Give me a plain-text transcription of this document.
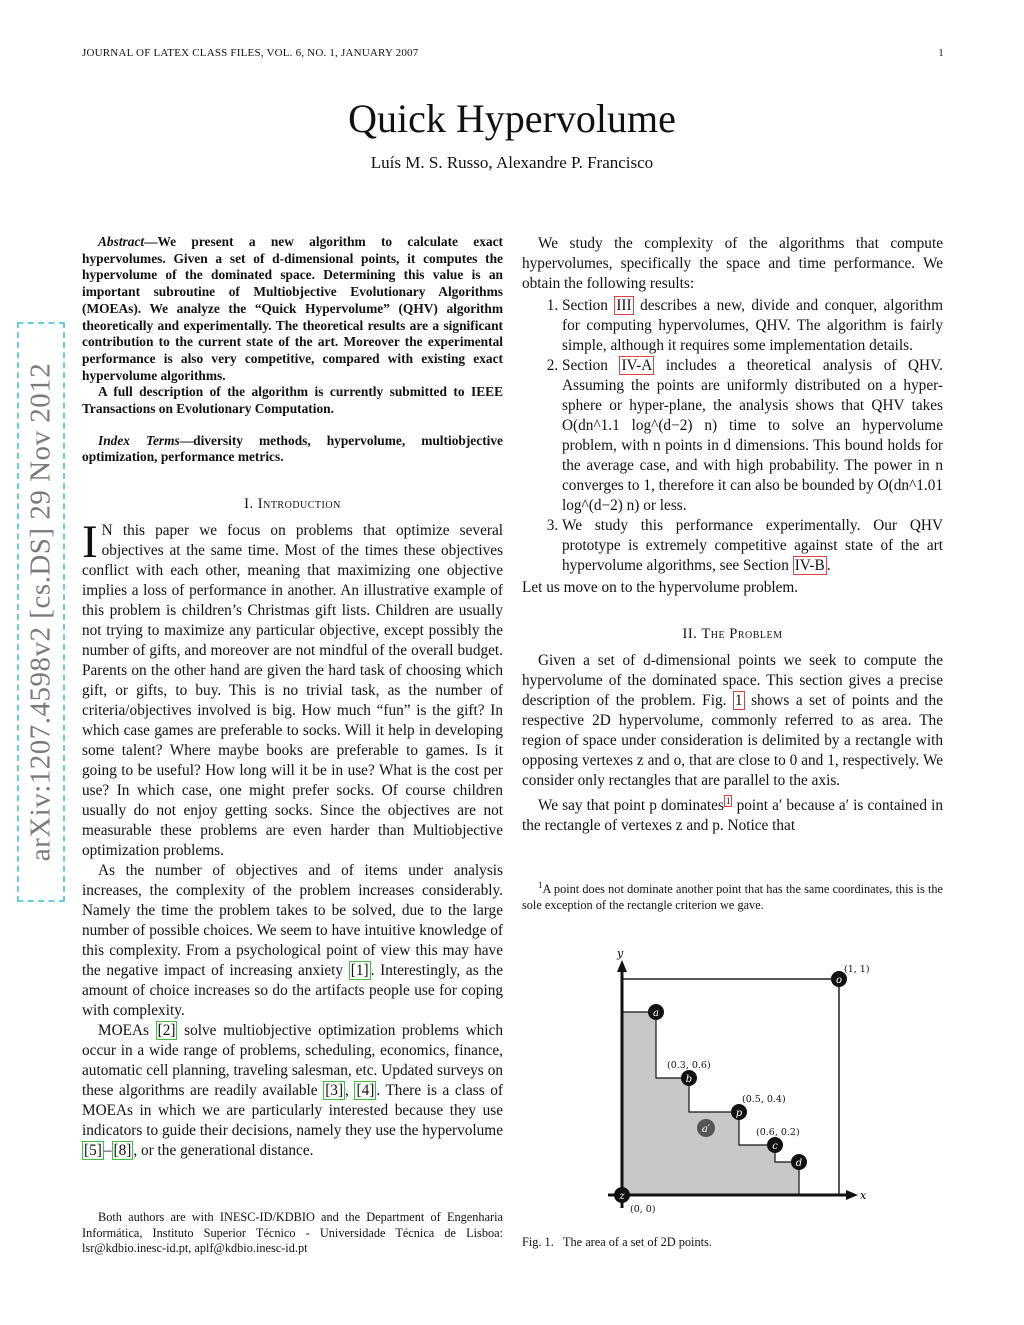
JOURNAL OF LATEX CLASS FILES, VOL. 6, NO. 1, JANUARY 2007	1
Quick Hypervolume
Luís M. S. Russo, Alexandre P. Francisco
arXiv:1207.4598v2 [cs.DS] 29 Nov 2012

Abstract—We present a new algorithm to calculate exact hypervolumes. Given a set of d-dimensional points, it computes the hypervolume of the dominated space. Determining this value is an important subroutine of Multiobjective Evolutionary Algorithms (MOEAs). We analyze the “Quick Hypervolume” (QHV) algorithm theoretically and experimentally. The theoretical results are a significant contribution to the current state of the art. Moreover the experimental performance is also very competitive, compared with existing exact hypervolume algorithms.

A full description of the algorithm is currently submitted to IEEE Transactions on Evolutionary Computation.

Index Terms—diversity methods, hypervolume, multiobjective optimization, performance metrics.

I. Introduction

I N this paper we focus on problems that optimize several objectives at the same time. Most of the times these objectives conflict with each other, meaning that maximizing one objective implies a loss of performance in another. An illustrative example of this problem is children’s Christmas gift lists. Children are usually not trying to maximize any particular objective, except possibly the number of gifts, and moreover are not mindful of the overall budget. Parents on the other hand are given the hard task of choosing which gift, or gifts, to buy. This is no trivial task, as the number of criteria/objectives involved is big. How much “fun” is the gift? In which case games are preferable to socks. Will it help in developing some talent? Where maybe books are preferable to games. Is it going to be useful? How long will it be in use? What is the cost per use? In which case, one might prefer socks. Of course children usually do not enjoy getting socks. Since the objectives are not measurable these problems are even harder than Multiobjective optimization problems.

As the number of objectives and of items under analysis increases, the complexity of the problem increases considerably. Namely the time the problem takes to be solved, due to the large number of possible choices. We seem to have intuitive knowledge of this complexity. From a psychological point of view this may have the negative impact of increasing anxiety [1] . Interestingly, as the amount of choice increases so do the artifacts people use for coping with complexity.

MOEAs [2] solve multiobjective optimization problems which occur in a wide range of problems, scheduling, economics, finance, automatic cell planning, traveling salesman, etc. Updated surveys on these algorithms are readily available [3] , [4] . There is a class of MOEAs in which we are particularly interested because they use indicators to guide their decisions, namely they use the hypervolume [5] – [8] , or the generational distance.

Both authors are with INESC-ID/KDBIO and the Department of Engenharia Informática, Instituto Superior Técnico - Universidade Técnica de Lisboa: lsr@kdbio.inesc-id.pt, aplf@kdbio.inesc-id.pt

We study the complexity of the algorithms that compute hypervolumes, specifically the space and time performance. We obtain the following results:

1. Section III describes a new, divide and conquer, algorithm for computing hypervolumes, QHV. The algorithm is fairly simple, although it requires some implementation details.
2. Section IV-A includes a theoretical analysis of QHV. Assuming the points are uniformly distributed on a hyper-sphere or hyper-plane, the analysis shows that QHV takes O(dn^1.1 log^(d−2) n) time to solve an hypervolume problem, with n points in d dimensions. This bound holds for the average case, and with high probability. The power in n converges to 1, therefore it can also be bounded by O(dn^1.01 log^(d−2) n) or less.
3. We study this performance experimentally. Our QHV prototype is extremely competitive against state of the art hypervolume algorithms, see Section IV-B .

Let us move on to the hypervolume problem.

II. The Problem

Given a set of d-dimensional points we seek to compute the hypervolume of the dominated space. This section gives a precise description of the problem. Fig. 1 shows a set of points and the respective 2D hypervolume, commonly referred to as area. The region of space under consideration is delimited by a rectangle with opposing vertexes z and o, that are close to 0 and 1, respectively. We consider only rectangles that are parallel to the axis.

We say that point p dominates $^1$ point a′ because a′ is contained in the rectangle of vertexes z and p. Notice that

$^1$A point does not dominate another point that has the same coordinates, this is the sole exception of the rectangle criterion we gave.

x
y
o
a
b
p
a′
c
d
z
(1, 1)
(0.3, 0.6)
(0.5, 0.4)
(0.6, 0.2)
(0, 0)
Fig. 1. The area of a set of 2D points.
